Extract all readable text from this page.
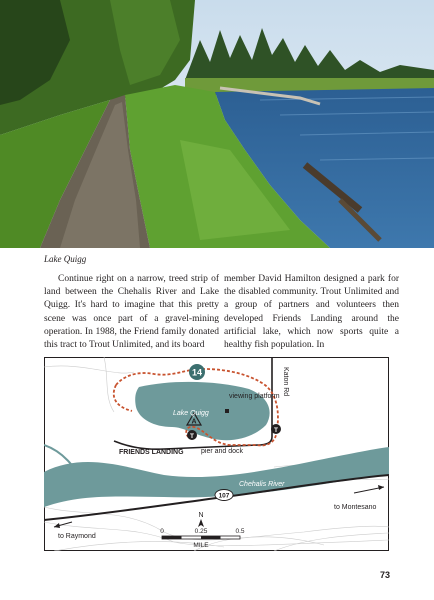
Lake Quigg

Continue right on a narrow, treed strip of land between the Chehalis River and Lake Quigg. It's hard to imagine that this pretty scene was once part of a gravel-mining operation. In 1988, the Friend family donated this tract to Trout Unlimited, and its board

member David Hamilton designed a park for the disabled community. Trout Unlimited and a group of partners and volunteers then developed Friends Landing around the artificial lake, which now sports quite a healthy fish population. In

14
T
T
A
viewing platform
Lake Quigg
FRIENDS LANDING pier and dock
Katon Rd
Chehalis River
107
to Raymond
to Montesano
N
0	0.25	0.5
MILE
73
